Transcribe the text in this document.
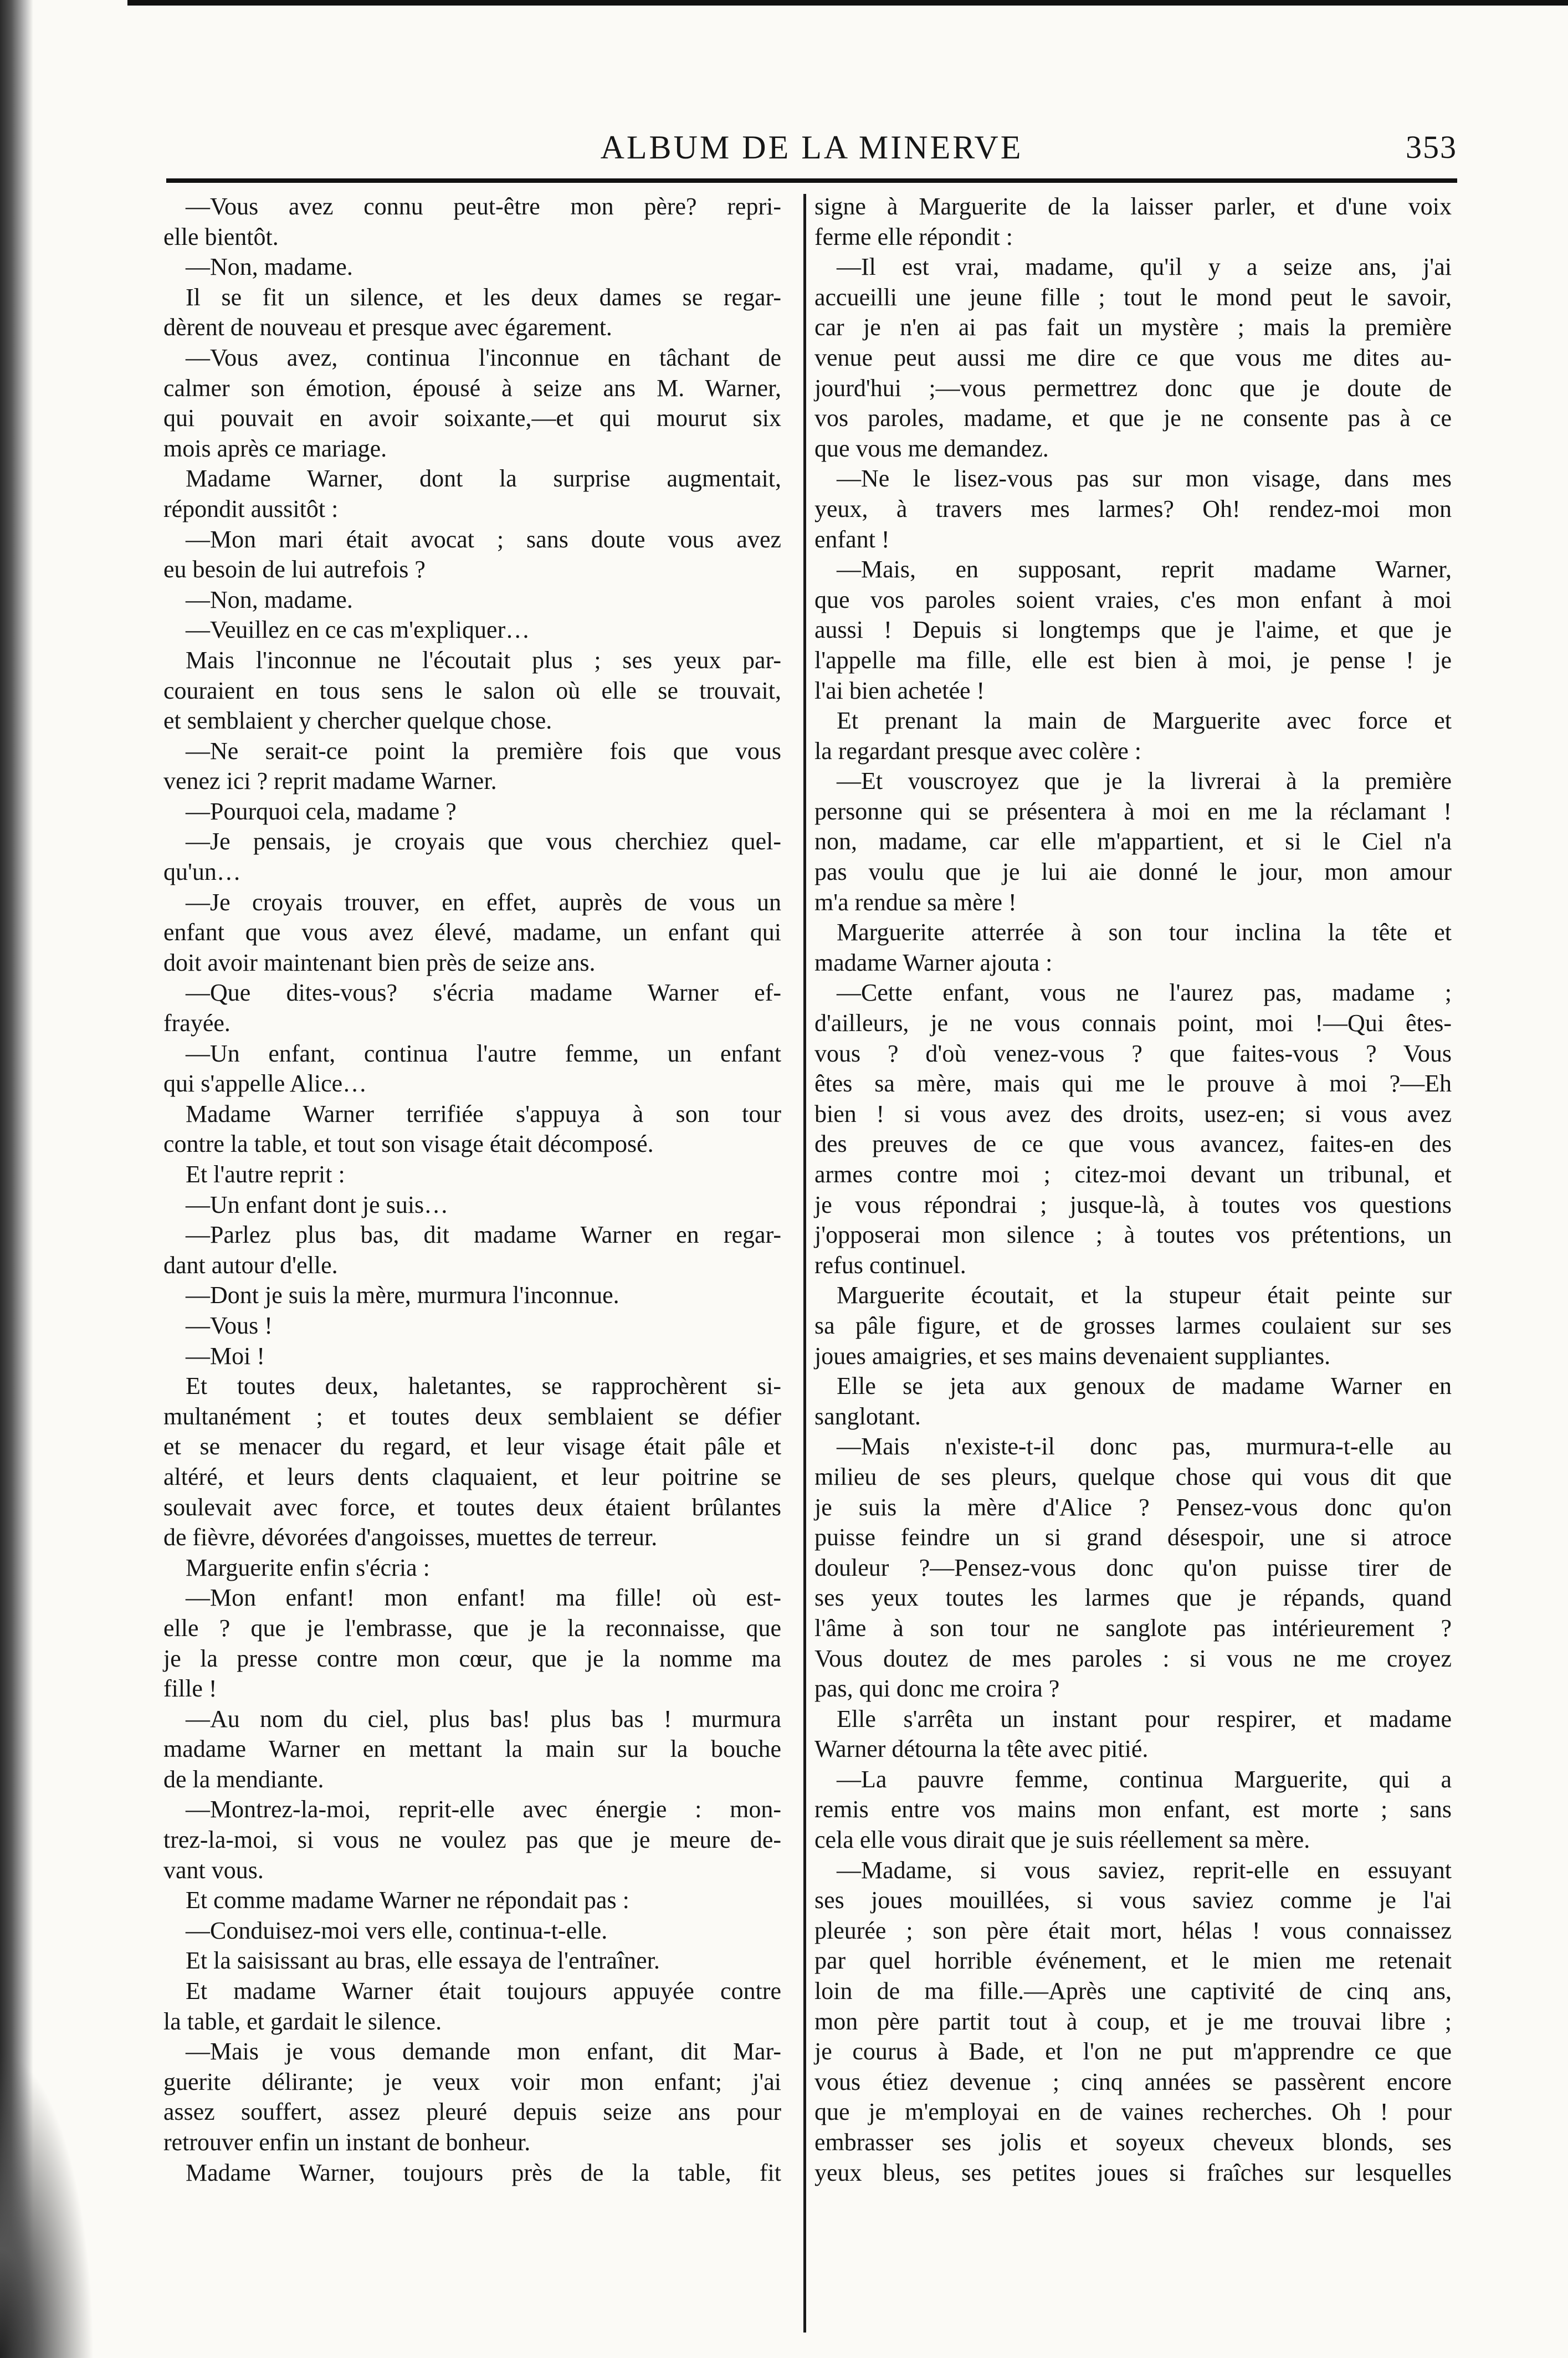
ALBUM DE LA MINERVE	353

—Vous avez connu peut-être mon père? repri-

elle bientôt.

—Non, madame.

Il se fit un silence, et les deux dames se regar-

dèrent de nouveau et presque avec égarement.

—Vous avez, continua l'inconnue en tâchant de

calmer son émotion, épousé à seize ans M. Warner,

qui pouvait en avoir soixante,—et qui mourut six

mois après ce mariage.

Madame Warner, dont la surprise augmentait,

répondit aussitôt :

—Mon mari était avocat ; sans doute vous avez

eu besoin de lui autrefois ?

—Non, madame.

—Veuillez en ce cas m'expliquer…

Mais l'inconnue ne l'écoutait plus ; ses yeux par-

couraient en tous sens le salon où elle se trouvait,

et semblaient y chercher quelque chose.

—Ne serait-ce point la première fois que vous

venez ici ? reprit madame Warner.

—Pourquoi cela, madame ?

—Je pensais, je croyais que vous cherchiez quel-

qu'un…

—Je croyais trouver, en effet, auprès de vous un

enfant que vous avez élevé, madame, un enfant qui

doit avoir maintenant bien près de seize ans.

—Que dites-vous? s'écria madame Warner ef-

frayée.

—Un enfant, continua l'autre femme, un enfant

qui s'appelle Alice…

Madame Warner terrifiée s'appuya à son tour

contre la table, et tout son visage était décomposé.

Et l'autre reprit :

—Un enfant dont je suis…

—Parlez plus bas, dit madame Warner en regar-

dant autour d'elle.

—Dont je suis la mère, murmura l'inconnue.

—Vous !

—Moi !

Et toutes deux, haletantes, se rapprochèrent si-

multanément ; et toutes deux semblaient se défier

et se menacer du regard, et leur visage était pâle et

altéré, et leurs dents claquaient, et leur poitrine se

soulevait avec force, et toutes deux étaient brûlantes

de fièvre, dévorées d'angoisses, muettes de terreur.

Marguerite enfin s'écria :

—Mon enfant! mon enfant! ma fille! où est-

elle ? que je l'embrasse, que je la reconnaisse, que

je la presse contre mon cœur, que je la nomme ma

fille !

—Au nom du ciel, plus bas! plus bas ! murmura

madame Warner en mettant la main sur la bouche

de la mendiante.

—Montrez-la-moi, reprit-elle avec énergie : mon-

trez-la-moi, si vous ne voulez pas que je meure de-

vant vous.

Et comme madame Warner ne répondait pas :

—Conduisez-moi vers elle, continua-t-elle.

Et la saisissant au bras, elle essaya de l'entraîner.

Et madame Warner était toujours appuyée contre

la table, et gardait le silence.

—Mais je vous demande mon enfant, dit Mar-

guerite délirante; je veux voir mon enfant; j'ai

assez souffert, assez pleuré depuis seize ans pour

retrouver enfin un instant de bonheur.

Madame Warner, toujours près de la table, fit

signe à Marguerite de la laisser parler, et d'une voix

ferme elle répondit :

—Il est vrai, madame, qu'il y a seize ans, j'ai

accueilli une jeune fille ; tout le mond peut le savoir,

car je n'en ai pas fait un mystère ; mais la première

venue peut aussi me dire ce que vous me dites au-

jourd'hui ;—vous permettrez donc que je doute de

vos paroles, madame, et que je ne consente pas à ce

que vous me demandez.

—Ne le lisez-vous pas sur mon visage, dans mes

yeux, à travers mes larmes? Oh! rendez-moi mon

enfant !

—Mais, en supposant, reprit madame Warner,

que vos paroles soient vraies, c'es mon enfant à moi

aussi ! Depuis si longtemps que je l'aime, et que je

l'appelle ma fille, elle est bien à moi, je pense ! je

l'ai bien achetée !

Et prenant la main de Marguerite avec force et

la regardant presque avec colère :

—Et vouscroyez que je la livrerai à la première

personne qui se présentera à moi en me la réclamant !

non, madame, car elle m'appartient, et si le Ciel n'a

pas voulu que je lui aie donné le jour, mon amour

m'a rendue sa mère !

Marguerite atterrée à son tour inclina la tête et

madame Warner ajouta :

—Cette enfant, vous ne l'aurez pas, madame ;

d'ailleurs, je ne vous connais point, moi !—Qui êtes-

vous ? d'où venez-vous ? que faites-vous ? Vous

êtes sa mère, mais qui me le prouve à moi ?—Eh

bien ! si vous avez des droits, usez-en; si vous avez

des preuves de ce que vous avancez, faites-en des

armes contre moi ; citez-moi devant un tribunal, et

je vous répondrai ; jusque-là, à toutes vos questions

j'opposerai mon silence ; à toutes vos prétentions, un

refus continuel.

Marguerite écoutait, et la stupeur était peinte sur

sa pâle figure, et de grosses larmes coulaient sur ses

joues amaigries, et ses mains devenaient suppliantes.

Elle se jeta aux genoux de madame Warner en

sanglotant.

—Mais n'existe-t-il donc pas, murmura-t-elle au

milieu de ses pleurs, quelque chose qui vous dit que

je suis la mère d'Alice ? Pensez-vous donc qu'on

puisse feindre un si grand désespoir, une si atroce

douleur ?—Pensez-vous donc qu'on puisse tirer de

ses yeux toutes les larmes que je répands, quand

l'âme à son tour ne sanglote pas intérieurement ?

Vous doutez de mes paroles : si vous ne me croyez

pas, qui donc me croira ?

Elle s'arrêta un instant pour respirer, et madame

Warner détourna la tête avec pitié.

—La pauvre femme, continua Marguerite, qui a

remis entre vos mains mon enfant, est morte ; sans

cela elle vous dirait que je suis réellement sa mère.

—Madame, si vous saviez, reprit-elle en essuyant

ses joues mouillées, si vous saviez comme je l'ai

pleurée ; son père était mort, hélas ! vous connaissez

par quel horrible événement, et le mien me retenait

loin de ma fille.—Après une captivité de cinq ans,

mon père partit tout à coup, et je me trouvai libre ;

je courus à Bade, et l'on ne put m'apprendre ce que

vous étiez devenue ; cinq années se passèrent encore

que je m'employai en de vaines recherches. Oh ! pour

embrasser ses jolis et soyeux cheveux blonds, ses

yeux bleus, ses petites joues si fraîches sur lesquelles
